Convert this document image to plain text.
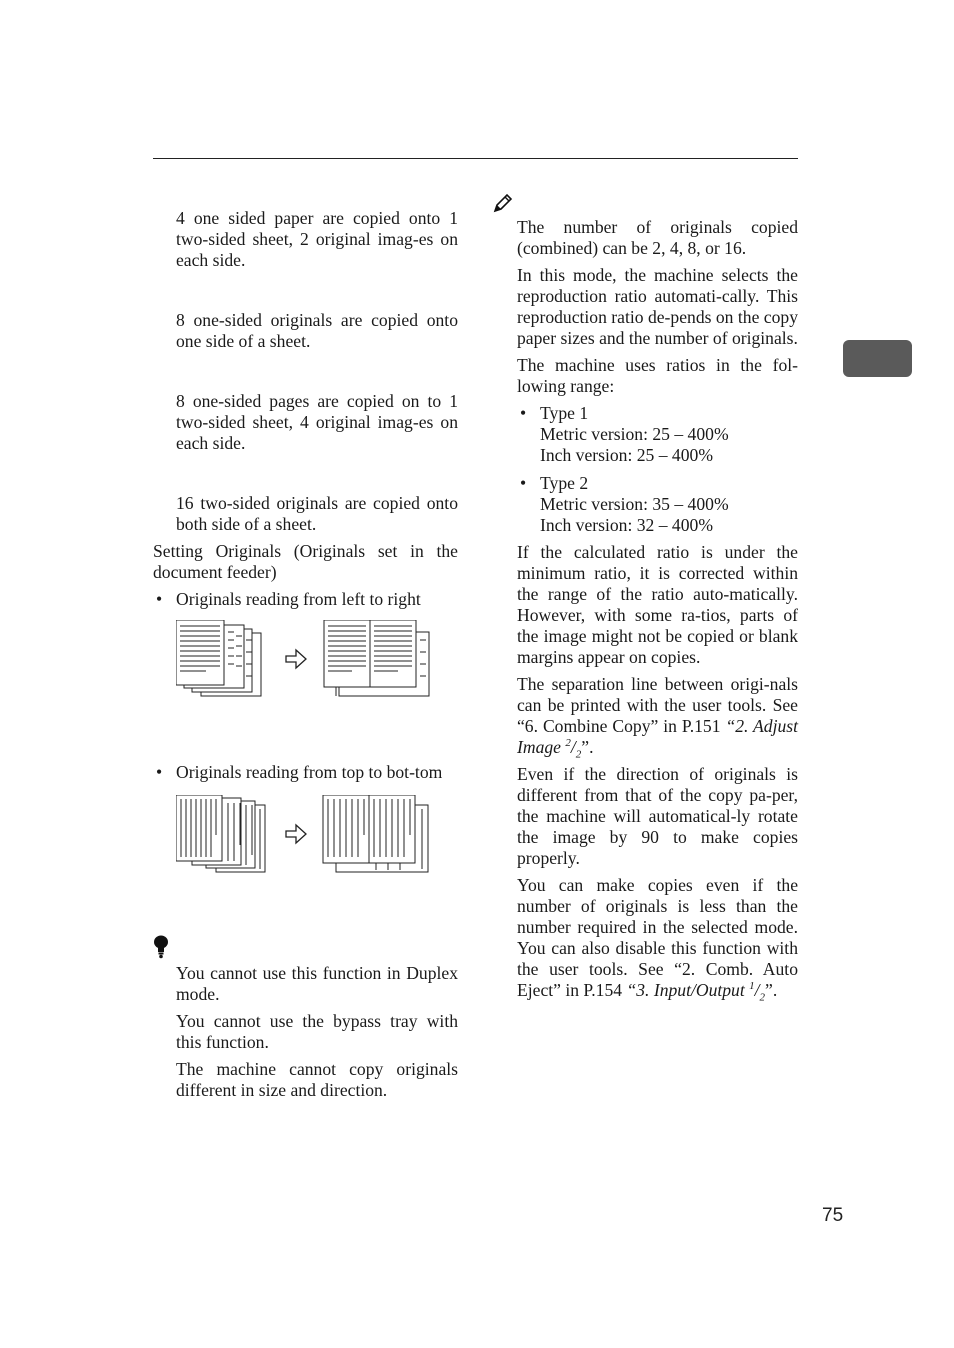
4 one sided paper are copied onto 1 two-sided sheet, 2 original imag-es on each side.

8 one-sided originals are copied onto one side of a sheet.

8 one-sided pages are copied on to 1 two-sided sheet, 4 original imag-es on each side.

16 two-sided originals are copied onto both side of a sheet.

Setting Originals (Originals set in the document feeder)

• Originals reading from left to right

• Originals reading from top to bot-tom

You cannot use this function in Duplex mode.

You cannot use the bypass tray with this function.

The machine cannot copy originals different in size and direction.

The number of originals copied (combined) can be 2, 4, 8, or 16.

In this mode, the machine selects the reproduction ratio automati-cally. This reproduction ratio de-pends on the copy paper sizes and the number of originals.

The machine uses ratios in the fol-lowing range:

• Type 1
Metric version: 25 – 400%
Inch version: 25 – 400%
• Type 2
Metric version: 35 – 400%
Inch version: 32 – 400%

If the calculated ratio is under the minimum ratio, it is corrected within the range of the ratio auto-matically. However, with some ra-tios, parts of the image might not be copied or blank margins appear on copies.

The separation line between origi-nals can be printed with the user tools. See “6. Combine Copy” in P.151 “2. Adjust Image $^2/_2$”.

Even if the direction of originals is different from that of the copy pa-per, the machine will automatical-ly rotate the image by 90 to make copies properly.

You can make copies even if the number of originals is less than the number required in the selected mode. You can also disable this function with the user tools. See “2. Comb. Auto Eject” in P.154 “3. Input/Output $^1/_2$”.

75
